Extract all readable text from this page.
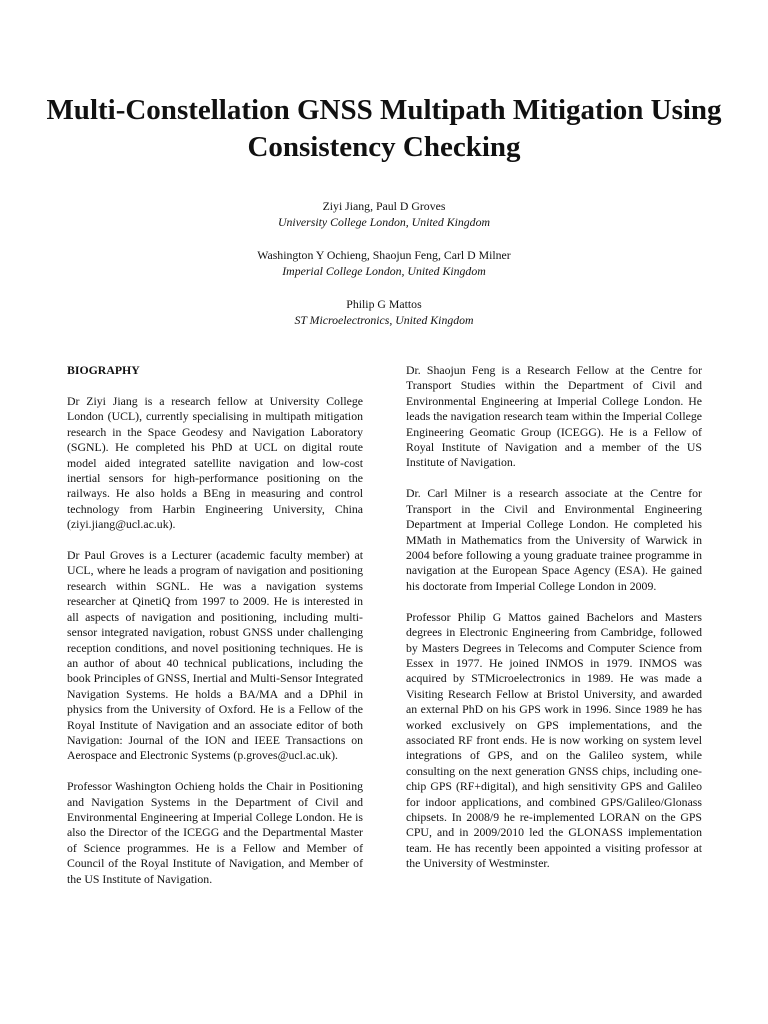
Multi-Constellation GNSS Multipath Mitigation Using Consistency Checking
Ziyi Jiang, Paul D Groves
University College London, United Kingdom
Washington Y Ochieng, Shaojun Feng, Carl D Milner
Imperial College London, United Kingdom
Philip G Mattos
ST Microelectronics, United Kingdom
BIOGRAPHY

Dr Ziyi Jiang is a research fellow at University College London (UCL), currently specialising in multipath mitigation research in the Space Geodesy and Navigation Laboratory (SGNL). He completed his PhD at UCL on digital route model aided integrated satellite navigation and low-cost inertial sensors for high-performance positioning on the railways. He also holds a BEng in measuring and control technology from Harbin Engineering University, China (ziyi.jiang@ucl.ac.uk).

Dr Paul Groves is a Lecturer (academic faculty member) at UCL, where he leads a program of navigation and positioning research within SGNL. He was a navigation systems researcher at QinetiQ from 1997 to 2009. He is interested in all aspects of navigation and positioning, including multi-sensor integrated navigation, robust GNSS under challenging reception conditions, and novel positioning techniques. He is an author of about 40 technical publications, including the book Principles of GNSS, Inertial and Multi-Sensor Integrated Navigation Systems. He holds a BA/MA and a DPhil in physics from the University of Oxford. He is a Fellow of the Royal Institute of Navigation and an associate editor of both Navigation: Journal of the ION and IEEE Transactions on Aerospace and Electronic Systems (p.groves@ucl.ac.uk).

Professor Washington Ochieng holds the Chair in Positioning and Navigation Systems in the Department of Civil and Environmental Engineering at Imperial College London. He is also the Director of the ICEGG and the Departmental Master of Science programmes. He is a Fellow and Member of Council of the Royal Institute of Navigation, and Member of the US Institute of Navigation.

Dr. Shaojun Feng is a Research Fellow at the Centre for Transport Studies within the Department of Civil and Environmental Engineering at Imperial College London. He leads the navigation research team within the Imperial College Engineering Geomatic Group (ICEGG). He is a Fellow of Royal Institute of Navigation and a member of the US Institute of Navigation.

Dr. Carl Milner is a research associate at the Centre for Transport in the Civil and Environmental Engineering Department at Imperial College London. He completed his MMath in Mathematics from the University of Warwick in 2004 before following a young graduate trainee programme in navigation at the European Space Agency (ESA). He gained his doctorate from Imperial College London in 2009.

Professor Philip G Mattos gained Bachelors and Masters degrees in Electronic Engineering from Cambridge, followed by Masters Degrees in Telecoms and Computer Science from Essex in 1977. He joined INMOS in 1979. INMOS was acquired by STMicroelectronics in 1989. He was made a Visiting Research Fellow at Bristol University, and awarded an external PhD on his GPS work in 1996. Since 1989 he has worked exclusively on GPS implementations, and the associated RF front ends. He is now working on system level integrations of GPS, and on the Galileo system, while consulting on the next generation GNSS chips, including one-chip GPS (RF+digital), and high sensitivity GPS and Galileo for indoor applications, and combined GPS/Galileo/Glonass chipsets. In 2008/9 he re-implemented LORAN on the GPS CPU, and in 2009/2010 led the GLONASS implementation team. He has recently been appointed a visiting professor at the University of Westminster.
